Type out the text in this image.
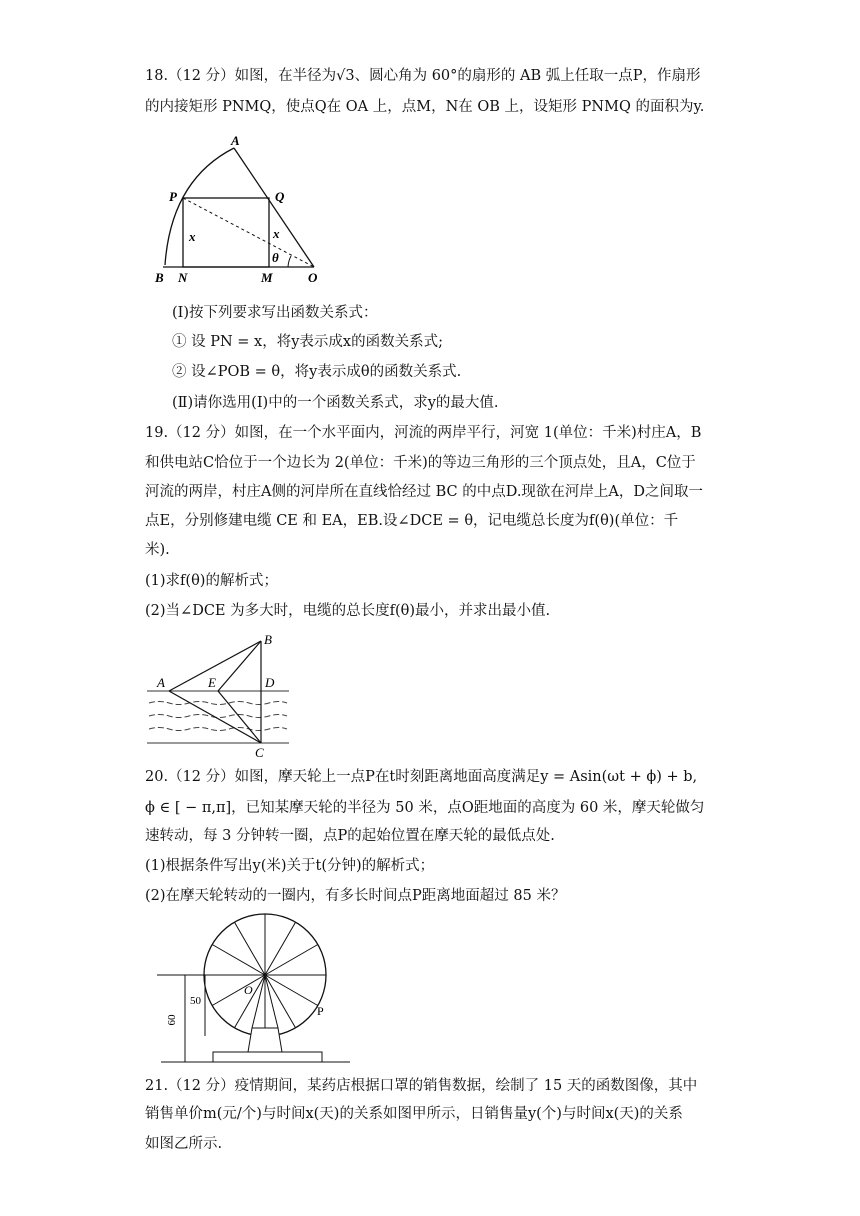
18.（12 分）如图，在半径为√3、圆心角为 60°的扇形的 AB 弧上任取一点P，作扇形
的内接矩形 PNMQ，使点Q在 OA 上，点M，N在 OB 上，设矩形 PNMQ 的面积为y.
A
P	Q
B N	M	O
x	x
θ
(Ⅰ)按下列要求写出函数关系式：
① 设 PN = x，将y表示成x的函数关系式;
② 设∠POB = θ，将y表示成θ的函数关系式.
(Ⅱ)请你选用(Ⅰ)中的一个函数关系式，求y的最大值.
19.（12 分）如图，在一个水平面内，河流的两岸平行，河宽 1(单位：千米)村庄A，B
和供电站C恰位于一个边长为 2(单位：千米)的等边三角形的三个顶点处，且A，C位于
河流的两岸，村庄A侧的河岸所在直线恰经过 BC 的中点D.现欲在河岸上A，D之间取一
点E，分别修建电缆 CE 和 EA，EB.设∠DCE = θ，记电缆总长度为f(θ)(单位：千
米).
(1)求f(θ)的解析式；
(2)当∠DCE 为多大时，电缆的总长度f(θ)最小，并求出最小值.
A	E	D
B
C
20.（12 分）如图，摩天轮上一点P在t时刻距离地面高度满足y = Asin(ωt + ϕ) + b,
ϕ ∈ [ − π,π]，已知某摩天轮的半径为 50 米，点O距地面的高度为 60 米，摩天轮做匀
速转动，每 3 分钟转一圈，点P的起始位置在摩天轮的最低点处.
(1)根据条件写出y(米)关于t(分钟)的解析式；
(2)在摩天轮转动的一圈内，有多长时间点P距离地面超过 85 米？
60
50
O
P
21.（12 分）疫情期间，某药店根据口罩的销售数据，绘制了 15 天的函数图像，其中
销售单价m(元/个)与时间x(天)的关系如图甲所示，日销售量y(个)与时间x(天)的关系
如图乙所示.
